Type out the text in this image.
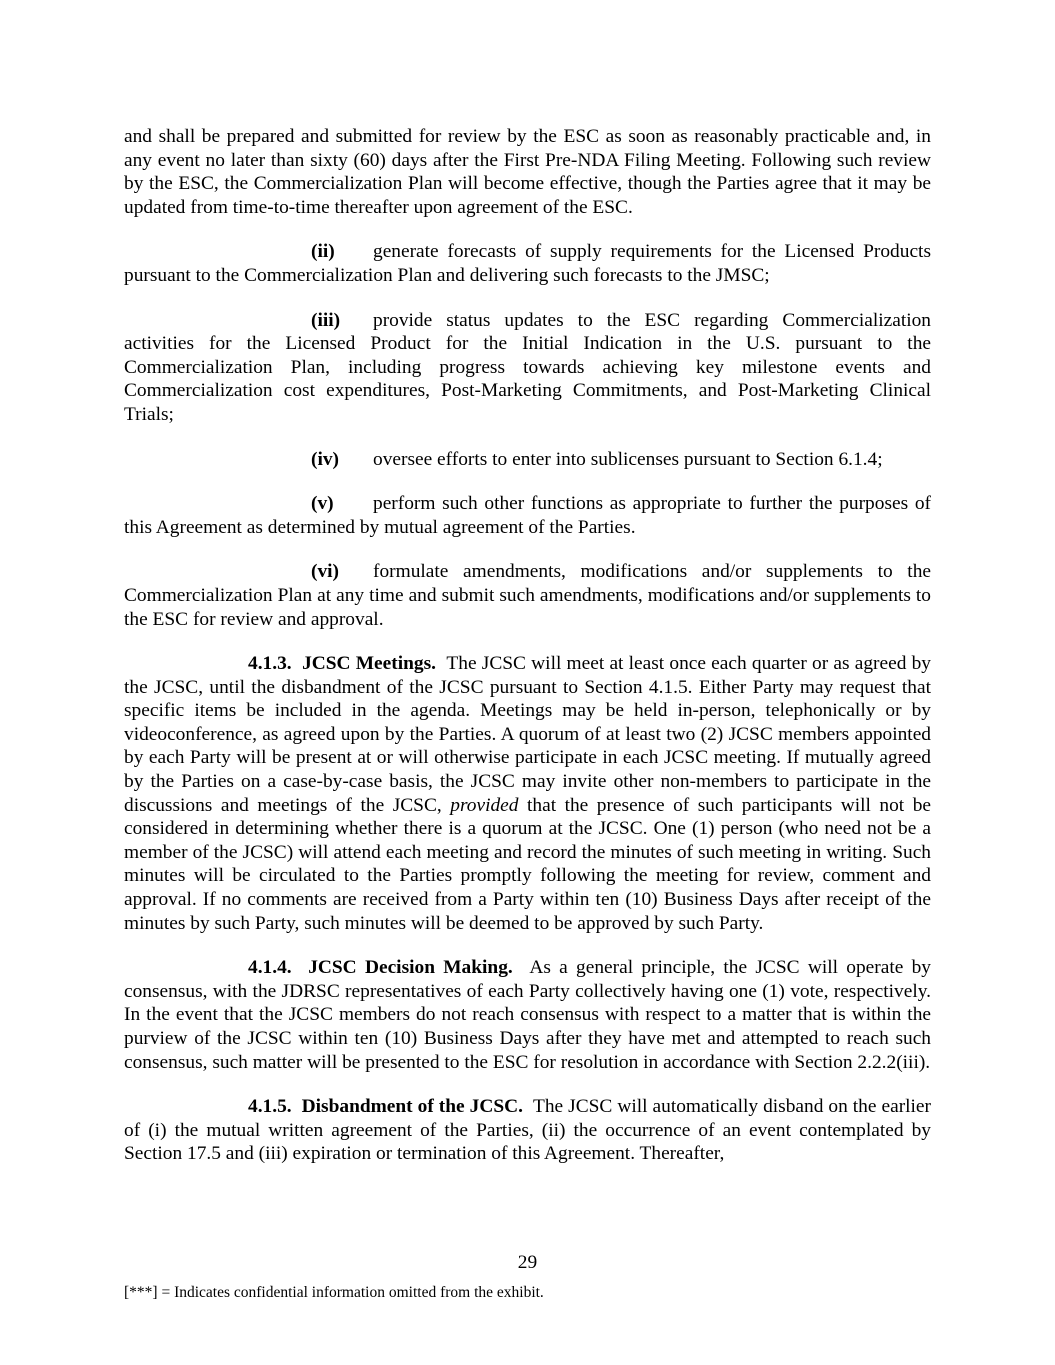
and shall be prepared and submitted for review by the ESC as soon as reasonably practicable and, in any event no later than sixty (60) days after the First Pre-NDA Filing Meeting. Following such review by the ESC, the Commercialization Plan will become effective, though the Parties agree that it may be updated from time-to-time thereafter upon agreement of the ESC.

(ii) generate forecasts of supply requirements for the Licensed Products pursuant to the Commercialization Plan and delivering such forecasts to the JMSC;

(iii) provide status updates to the ESC regarding Commercialization activities for the Licensed Product for the Initial Indication in the U.S. pursuant to the Commercialization Plan, including progress towards achieving key milestone events and Commercialization cost expenditures, Post-Marketing Commitments, and Post-Marketing Clinical Trials;

(iv) oversee efforts to enter into sublicenses pursuant to Section 6.1.4;

(v) perform such other functions as appropriate to further the purposes of this Agreement as determined by mutual agreement of the Parties.

(vi) formulate amendments, modifications and/or supplements to the Commercialization Plan at any time and submit such amendments, modifications and/or supplements to the ESC for review and approval.

4.1.3. JCSC Meetings. The JCSC will meet at least once each quarter or as agreed by the JCSC, until the disbandment of the JCSC pursuant to Section 4.1.5. Either Party may request that specific items be included in the agenda. Meetings may be held in-person, telephonically or by videoconference, as agreed upon by the Parties. A quorum of at least two (2) JCSC members appointed by each Party will be present at or will otherwise participate in each JCSC meeting. If mutually agreed by the Parties on a case-by-case basis, the JCSC may invite other non-members to participate in the discussions and meetings of the JCSC, provided that the presence of such participants will not be considered in determining whether there is a quorum at the JCSC. One (1) person (who need not be a member of the JCSC) will attend each meeting and record the minutes of such meeting in writing. Such minutes will be circulated to the Parties promptly following the meeting for review, comment and approval. If no comments are received from a Party within ten (10) Business Days after receipt of the minutes by such Party, such minutes will be deemed to be approved by such Party.

4.1.4. JCSC Decision Making. As a general principle, the JCSC will operate by consensus, with the JDRSC representatives of each Party collectively having one (1) vote, respectively. In the event that the JCSC members do not reach consensus with respect to a matter that is within the purview of the JCSC within ten (10) Business Days after they have met and attempted to reach such consensus, such matter will be presented to the ESC for resolution in accordance with Section 2.2.2(iii).

4.1.5. Disbandment of the JCSC. The JCSC will automatically disband on the earlier of (i) the mutual written agreement of the Parties, (ii) the occurrence of an event contemplated by Section 17.5 and (iii) expiration or termination of this Agreement. Thereafter,

29
[***] = Indicates confidential information omitted from the exhibit.
